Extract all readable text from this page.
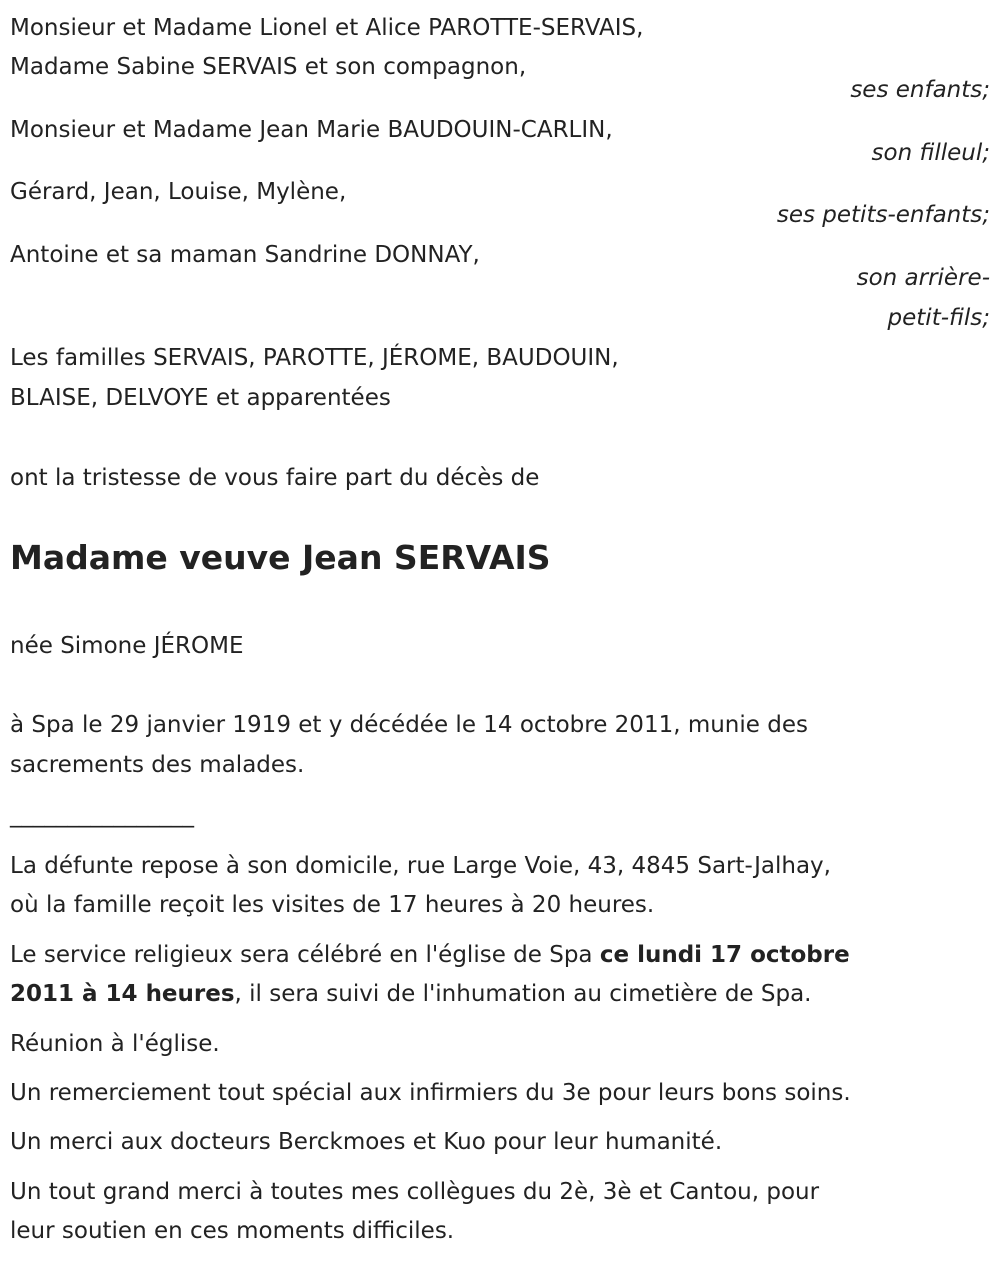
Monsieur et Madame Lionel et Alice PAROTTE-SERVAIS,
Madame Sabine SERVAIS et son compagnon,
ses enfants;
Monsieur et Madame Jean Marie BAUDOUIN-CARLIN,
son filleul;
Gérard, Jean, Louise, Mylène,
ses petits-enfants;
Antoine et sa maman Sandrine DONNAY,
son arrière-
petit-fils;
Les familles SERVAIS, PAROTTE, JÉROME, BAUDOUIN,
BLAISE, DELVOYE et apparentées
ont la tristesse de vous faire part du décès de
Madame veuve Jean SERVAIS
née Simone JÉROME
à Spa le 29 janvier 1919 et y décédée le 14 octobre 2011, munie des
sacrements des malades.
________________
La défunte repose à son domicile, rue Large Voie, 43, 4845 Sart-Jalhay,
où la famille reçoit les visites de 17 heures à 20 heures.
Le service religieux sera célébré en l'église de Spa ce lundi 17 octobre
2011 à 14 heures, il sera suivi de l'inhumation au cimetière de Spa.
Réunion à l'église.
Un remerciement tout spécial aux infirmiers du 3e pour leurs bons soins.
Un merci aux docteurs Berckmoes et Kuo pour leur humanité.
Un tout grand merci à toutes mes collègues du 2è, 3è et Cantou, pour
leur soutien en ces moments difficiles.
